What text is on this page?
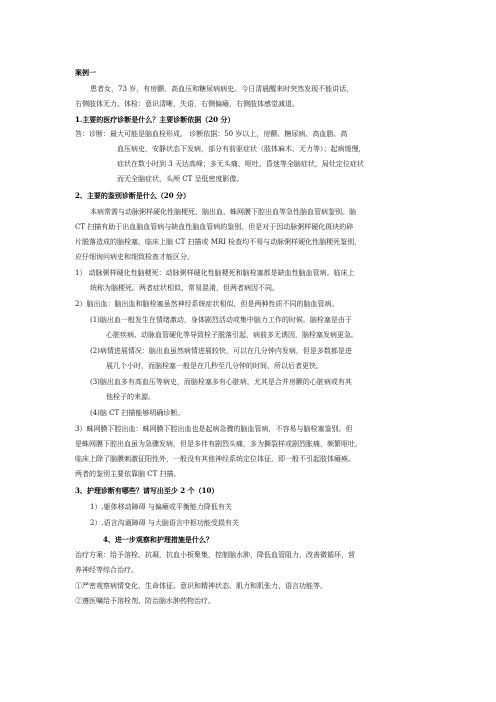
案例一
患者女，73 岁，有房颤、高血压和糖尿病病史。今日清晨醒来时突然发现不能讲话，
右侧肢体无力。体检：意识清晰，失语，右侧偏瘫，右侧肢体感觉减退。
1.主要的医疗诊断是什么？主要诊断依据（20 分）
答：诊断：最大可能是脑血栓形成。 诊断依据：50 岁以上，房颤、糖尿病、高血脂、高
血压病史，安静状态下发病，部分有前驱症状（肢体麻木、无力等）；起病缓慢，
症状在数小时到 3 天达高峰；多无头痛、呕吐、昏迷等全脑症状，局灶定位症状
而无全脑症状，头颅 CT 呈低密度影像。
2、主要的鉴别诊断是什么（20 分）
本病常需与动脉粥样硬化性脑梗死、脑出血、蛛网膜下腔出血等急性脑血管病鉴别。脑
CT 扫描有助于出血脑血管病与缺血性脑血管病的鉴别。但是对于因动脉粥样硬化斑块的碎
片脱落造成的脑栓塞，临床上脑 CT 扫描或 MRI 检查均不易与动脉粥样硬化性脑梗死鉴别，
应仔细询问病史和细致检查才能区分。
1） 动脉粥样硬化性脑梗死：动脉粥样硬化性脑梗死和脑栓塞都是缺血性脑血管病。临床上
统称为脑梗死。两者症状相似，常易混淆，但两者病因不同。
2）脑出血：脑出血和脑栓塞虽然神经系统症状相似，但是两种性质不同的脑血管病。
(1)脑出血一般发生在情绪激动，身体剧烈活动或集中脑力工作的时候。脑栓塞是由于
心脏疾病、动脉血管硬化等导致栓子脱落引起，病前多无诱因，脑栓塞发病更急。
(2)病情进展情况：脑出血虽然病情进展较快，可以在几分钟内发病，但是多数都是进
展几个小时，而脑栓塞一般是在几秒至几分钟的时间，所以后者更快。
(3)脑出血多有高血压等病史，而脑栓塞多有心脏病，尤其是合并房颤的心脏病或有其
他栓子的来源。
(4)脑 CT 扫描能够明确诊断。
3）蛛网膜下腔出血：蛛网膜下腔出血也是起病急骤的脑血管病，不容易与脑栓塞鉴别。但
是蛛网膜下腔出血虽为急骤发病，但是多伴有剧烈头痛，多为撕裂样或剧烈胀痛，频繁呕吐，
临床上除了脑膜刺激征阳性外，一般没有其他神经系统定位体征，即一般不引起肢体瘫痪。
两者的鉴别主要依靠脑 CT 扫描。
3、护理诊断有哪些？请写出至少 2 个（10）
1）.躯体移动障碍 与偏瘫或平衡能力降低有关
2）.语言沟通障碍 与大脑语言中枢功能受损有关
4、进一步观察和护理措施是什么？
治疗方案：给予溶栓、抗凝，抗血小板聚集，控制脑水肿，降低血管阻力，改善微循环，营
养神经等综合治疗。
①严密观察病情变化，生命体征、意识和精神状态、肌力和肌张力、语言功能等。
②遵医嘱给予溶栓剂、防治脑水肿药物治疗。
